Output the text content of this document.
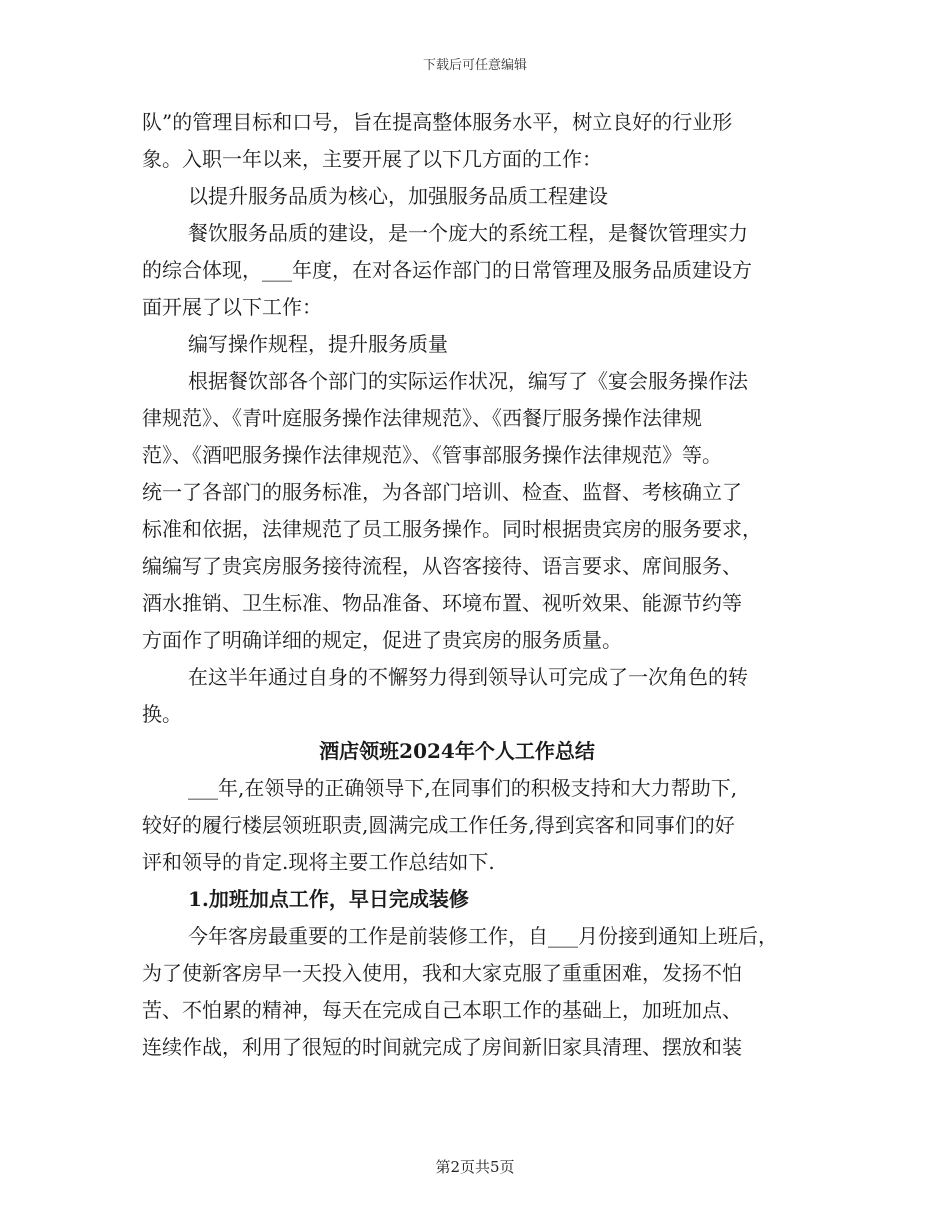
下载后可任意编辑
队”的管理目标和口号，旨在提高整体服务水平，树立良好的行业形
象。入职一年以来，主要开展了以下几方面的工作：
以提升服务品质为核心，加强服务品质工程建设
餐饮服务品质的建设，是一个庞大的系统工程，是餐饮管理实力
的综合体现，___年度，在对各运作部门的日常管理及服务品质建设方
面开展了以下工作：
编写操作规程，提升服务质量
根据餐饮部各个部门的实际运作状况，编写了《宴会服务操作法
律规范》、《青叶庭服务操作法律规范》、《西餐厅服务操作法律规
范》、《酒吧服务操作法律规范》、《管事部服务操作法律规范》等。
统一了各部门的服务标准，为各部门培训、检查、监督、考核确立了
标准和依据，法律规范了员工服务操作。同时根据贵宾房的服务要求，
编编写了贵宾房服务接待流程，从咨客接待、语言要求、席间服务、
酒水推销、卫生标准、物品准备、环境布置、视听效果、能源节约等
方面作了明确详细的规定，促进了贵宾房的服务质量。
在这半年通过自身的不懈努力得到领导认可完成了一次角色的转
换。
酒店领班2024年个人工作总结
___年,在领导的正确领导下,在同事们的积极支持和大力帮助下,
较好的履行楼层领班职责,圆满完成工作任务,得到宾客和同事们的好
评和领导的肯定.现将主要工作总结如下.
1.加班加点工作，早日完成装修
今年客房最重要的工作是前装修工作，自___月份接到通知上班后，
为了使新客房早一天投入使用，我和大家克服了重重困难，发扬不怕
苦、不怕累的精神，每天在完成自己本职工作的基础上，加班加点、
连续作战，利用了很短的时间就完成了房间新旧家具清理、摆放和装
第2页共5页
